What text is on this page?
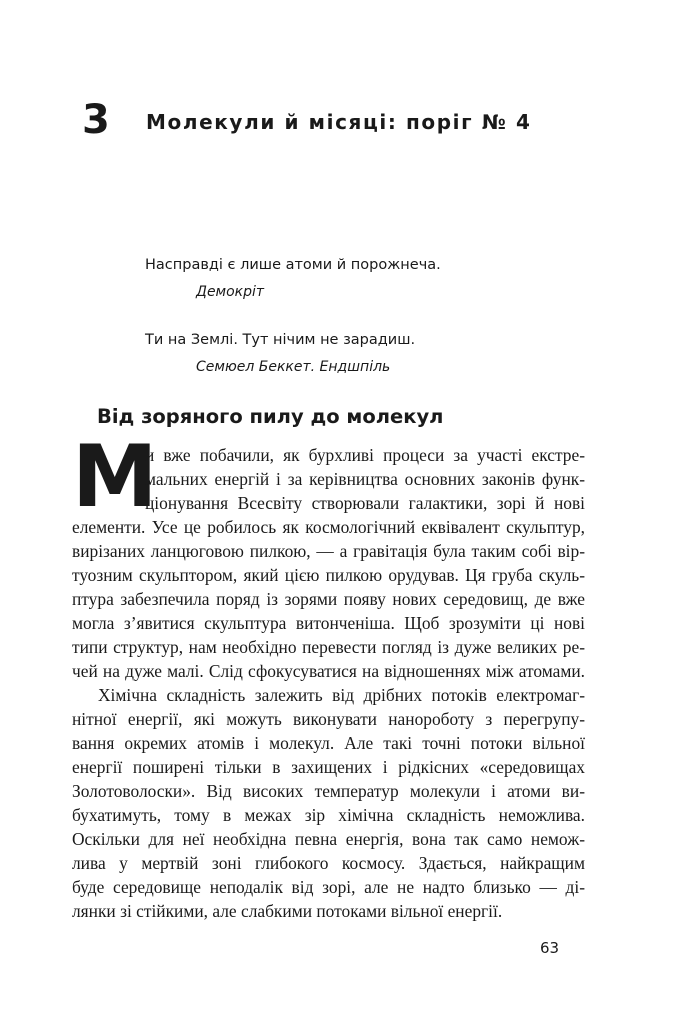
3 Молекули й місяці: поріг № 4
Насправді є лише атоми й порожнеча.
Демокріт
Ти на Землі. Тут нічим не зарадиш.
Семюел Беккет. Ендшпіль
Від зоряного пилу до молекул
М
и вже побачили, як бурхливі процеси за участі екстре-
мальних енергій і за керівництва основних законів функ-
ціонування Всесвіту створювали галактики, зорі й нові
елементи. Усе це робилось як космологічний еквівалент скульптур,
вирізаних ланцюговою пилкою, — а гравітація була таким собі вір-
туозним скульптором, який цією пилкою орудував. Ця груба скуль-
птура забезпечила поряд із зорями появу нових середовищ, де вже
могла з’явитися скульптура витонченіша. Щоб зрозуміти ці нові
типи структур, нам необхідно перевести погляд із дуже великих ре-
чей на дуже малі. Слід сфокусуватися на відношеннях між атомами.
Хімічна складність залежить від дрібних потоків електромаг-
нітної енергії, які можуть виконувати нанороботу з перегрупу-
вання окремих атомів і молекул. Але такі точні потоки вільної
енергії поширені тільки в захищених і рідкісних «середовищах
Золотоволоски». Від високих температур молекули і атоми ви-
бухатимуть, тому в межах зір хімічна складність неможлива.
Оскільки для неї необхідна певна енергія, вона так само немож-
лива у мертвій зоні глибокого космосу. Здається, найкращим
буде середовище неподалік від зорі, але не надто близько — ді-
лянки зі стійкими, але слабкими потоками вільної енергії.
63
